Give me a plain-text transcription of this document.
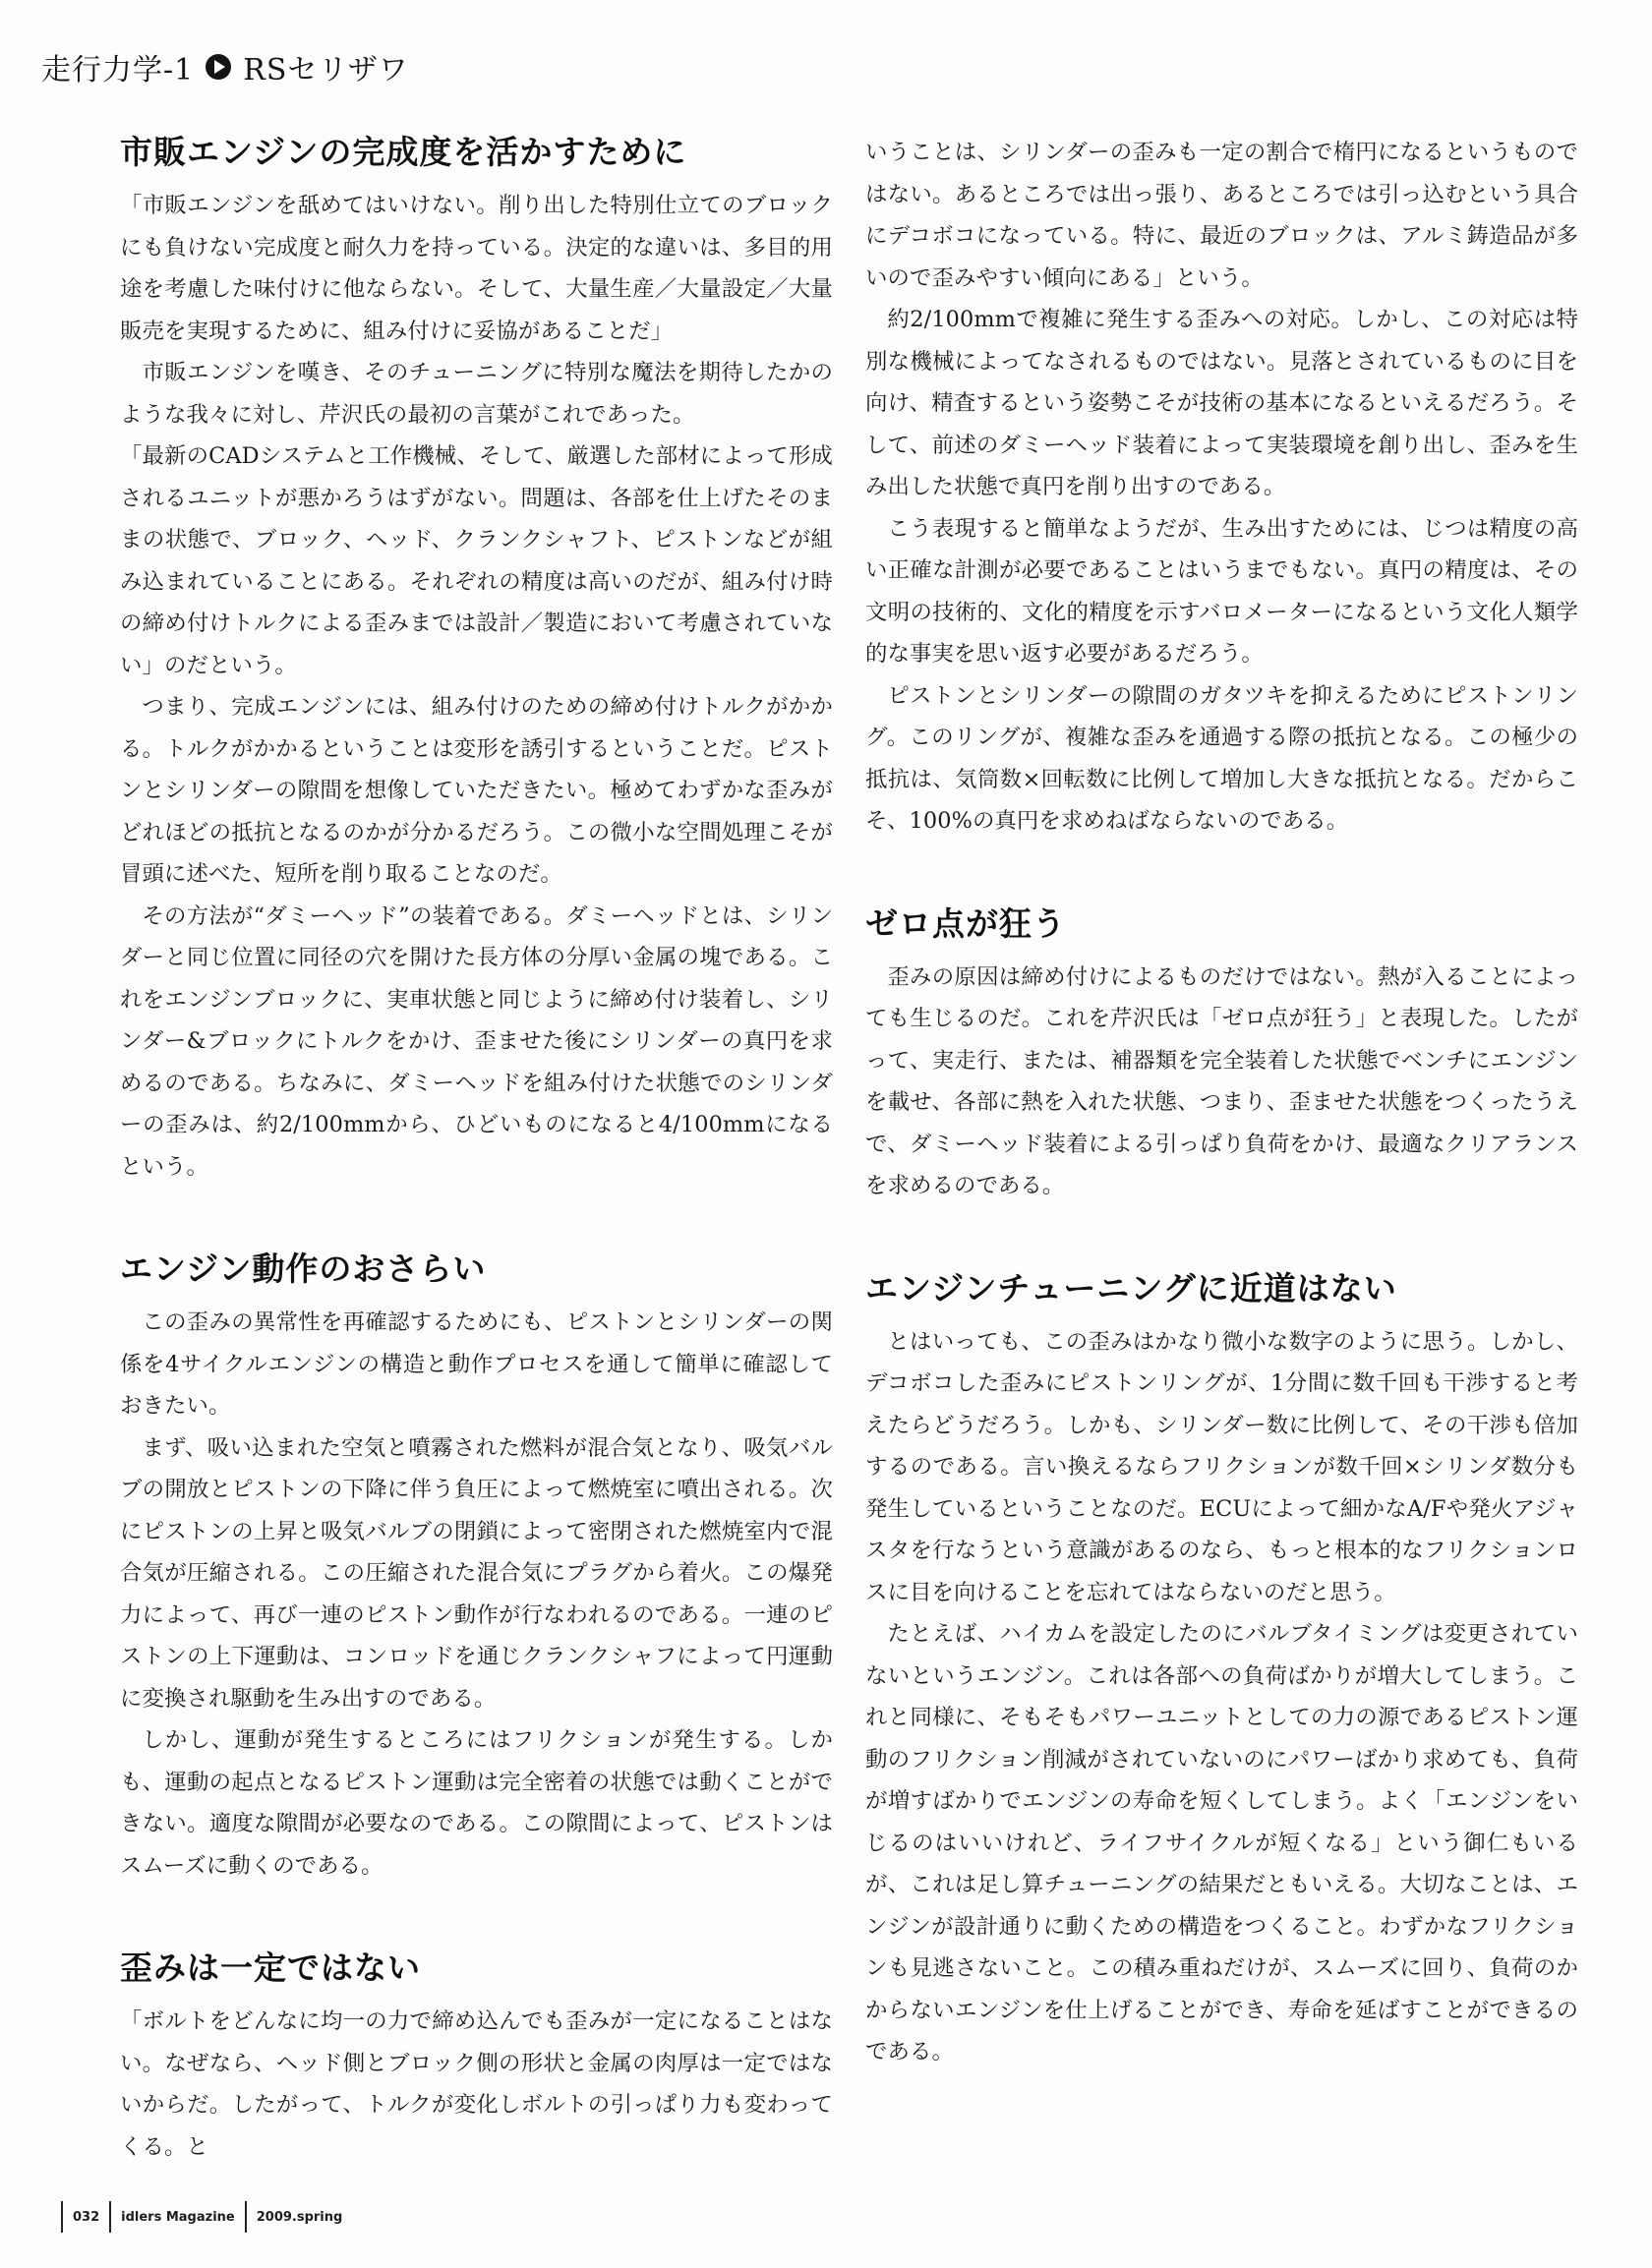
走行力学-1 RSセリザワ
市販エンジンの完成度を活かすために

「市販エンジンを舐めてはいけない。削り出した特別仕立てのブロックにも負けない完成度と耐久力を持っている。決定的な違いは、多目的用途を考慮した味付けに他ならない。そして、大量生産／大量設定／大量販売を実現するために、組み付けに妥協があることだ」

市販エンジンを嘆き、そのチューニングに特別な魔法を期待したかのような我々に対し、芹沢氏の最初の言葉がこれであった。

「最新のCADシステムと工作機械、そして、厳選した部材によって形成されるユニットが悪かろうはずがない。問題は、各部を仕上げたそのままの状態で、ブロック、ヘッド、クランクシャフト、ピストンなどが組み込まれていることにある。それぞれの精度は高いのだが、組み付け時の締め付けトルクによる歪みまでは設計／製造において考慮されていない」のだという。

つまり、完成エンジンには、組み付けのための締め付けトルクがかかる。トルクがかかるということは変形を誘引するということだ。ピストンとシリンダーの隙間を想像していただきたい。極めてわずかな歪みがどれほどの抵抗となるのかが分かるだろう。この微小な空間処理こそが冒頭に述べた、短所を削り取ることなのだ。

その方法が“ダミーヘッド”の装着である。ダミーヘッドとは、シリンダーと同じ位置に同径の穴を開けた長方体の分厚い金属の塊である。これをエンジンブロックに、実車状態と同じように締め付け装着し、シリンダー&ブロックにトルクをかけ、歪ませた後にシリンダーの真円を求めるのである。ちなみに、ダミーヘッドを組み付けた状態でのシリンダーの歪みは、約2/100mmから、ひどいものになると4/100mmになるという。

エンジン動作のおさらい

この歪みの異常性を再確認するためにも、ピストンとシリンダーの関係を4サイクルエンジンの構造と動作プロセスを通して簡単に確認しておきたい。

まず、吸い込まれた空気と噴霧された燃料が混合気となり、吸気バルブの開放とピストンの下降に伴う負圧によって燃焼室に噴出される。次にピストンの上昇と吸気バルブの閉鎖によって密閉された燃焼室内で混合気が圧縮される。この圧縮された混合気にプラグから着火。この爆発力によって、再び一連のピストン動作が行なわれるのである。一連のピストンの上下運動は、コンロッドを通じクランクシャフによって円運動に変換され駆動を生み出すのである。

しかし、運動が発生するところにはフリクションが発生する。しかも、運動の起点となるピストン運動は完全密着の状態では動くことができない。適度な隙間が必要なのである。この隙間によって、ピストンはスムーズに動くのである。

歪みは一定ではない

「ボルトをどんなに均一の力で締め込んでも歪みが一定になることはない。なぜなら、ヘッド側とブロック側の形状と金属の肉厚は一定ではないからだ。したがって、トルクが変化しボルトの引っぱり力も変わってくる。と

いうことは、シリンダーの歪みも一定の割合で楕円になるというものではない。あるところでは出っ張り、あるところでは引っ込むという具合にデコボコになっている。特に、最近のブロックは、アルミ鋳造品が多いので歪みやすい傾向にある」という。

約2/100mmで複雑に発生する歪みへの対応。しかし、この対応は特別な機械によってなされるものではない。見落とされているものに目を向け、精査するという姿勢こそが技術の基本になるといえるだろう。そして、前述のダミーヘッド装着によって実装環境を創り出し、歪みを生み出した状態で真円を削り出すのである。

こう表現すると簡単なようだが、生み出すためには、じつは精度の高い正確な計測が必要であることはいうまでもない。真円の精度は、その文明の技術的、文化的精度を示すバロメーターになるという文化人類学的な事実を思い返す必要があるだろう。

ピストンとシリンダーの隙間のガタツキを抑えるためにピストンリング。このリングが、複雑な歪みを通過する際の抵抗となる。この極少の抵抗は、気筒数×回転数に比例して増加し大きな抵抗となる。だからこそ、100%の真円を求めねばならないのである。

ゼロ点が狂う

歪みの原因は締め付けによるものだけではない。熱が入ることによっても生じるのだ。これを芹沢氏は「ゼロ点が狂う」と表現した。したがって、実走行、または、補器類を完全装着した状態でベンチにエンジンを載せ、各部に熱を入れた状態、つまり、歪ませた状態をつくったうえで、ダミーヘッド装着による引っぱり負荷をかけ、最適なクリアランスを求めるのである。

エンジンチューニングに近道はない

とはいっても、この歪みはかなり微小な数字のように思う。しかし、デコボコした歪みにピストンリングが、1分間に数千回も干渉すると考えたらどうだろう。しかも、シリンダー数に比例して、その干渉も倍加するのである。言い換えるならフリクションが数千回×シリンダ数分も発生しているということなのだ。ECUによって細かなA/Fや発火アジャスタを行なうという意識があるのなら、もっと根本的なフリクションロスに目を向けることを忘れてはならないのだと思う。

たとえば、ハイカムを設定したのにバルブタイミングは変更されていないというエンジン。これは各部への負荷ばかりが増大してしまう。これと同様に、そもそもパワーユニットとしての力の源であるピストン運動のフリクション削減がされていないのにパワーばかり求めても、負荷が増すばかりでエンジンの寿命を短くしてしまう。よく「エンジンをいじるのはいいけれど、ライフサイクルが短くなる」という御仁もいるが、これは足し算チューニングの結果だともいえる。大切なことは、エンジンが設計通りに動くための構造をつくること。わずかなフリクションも見逃さないこと。この積み重ねだけが、スムーズに回り、負荷のかからないエンジンを仕上げることができ、寿命を延ばすことができるのである。

032	idlers Magazine	2009.spring
